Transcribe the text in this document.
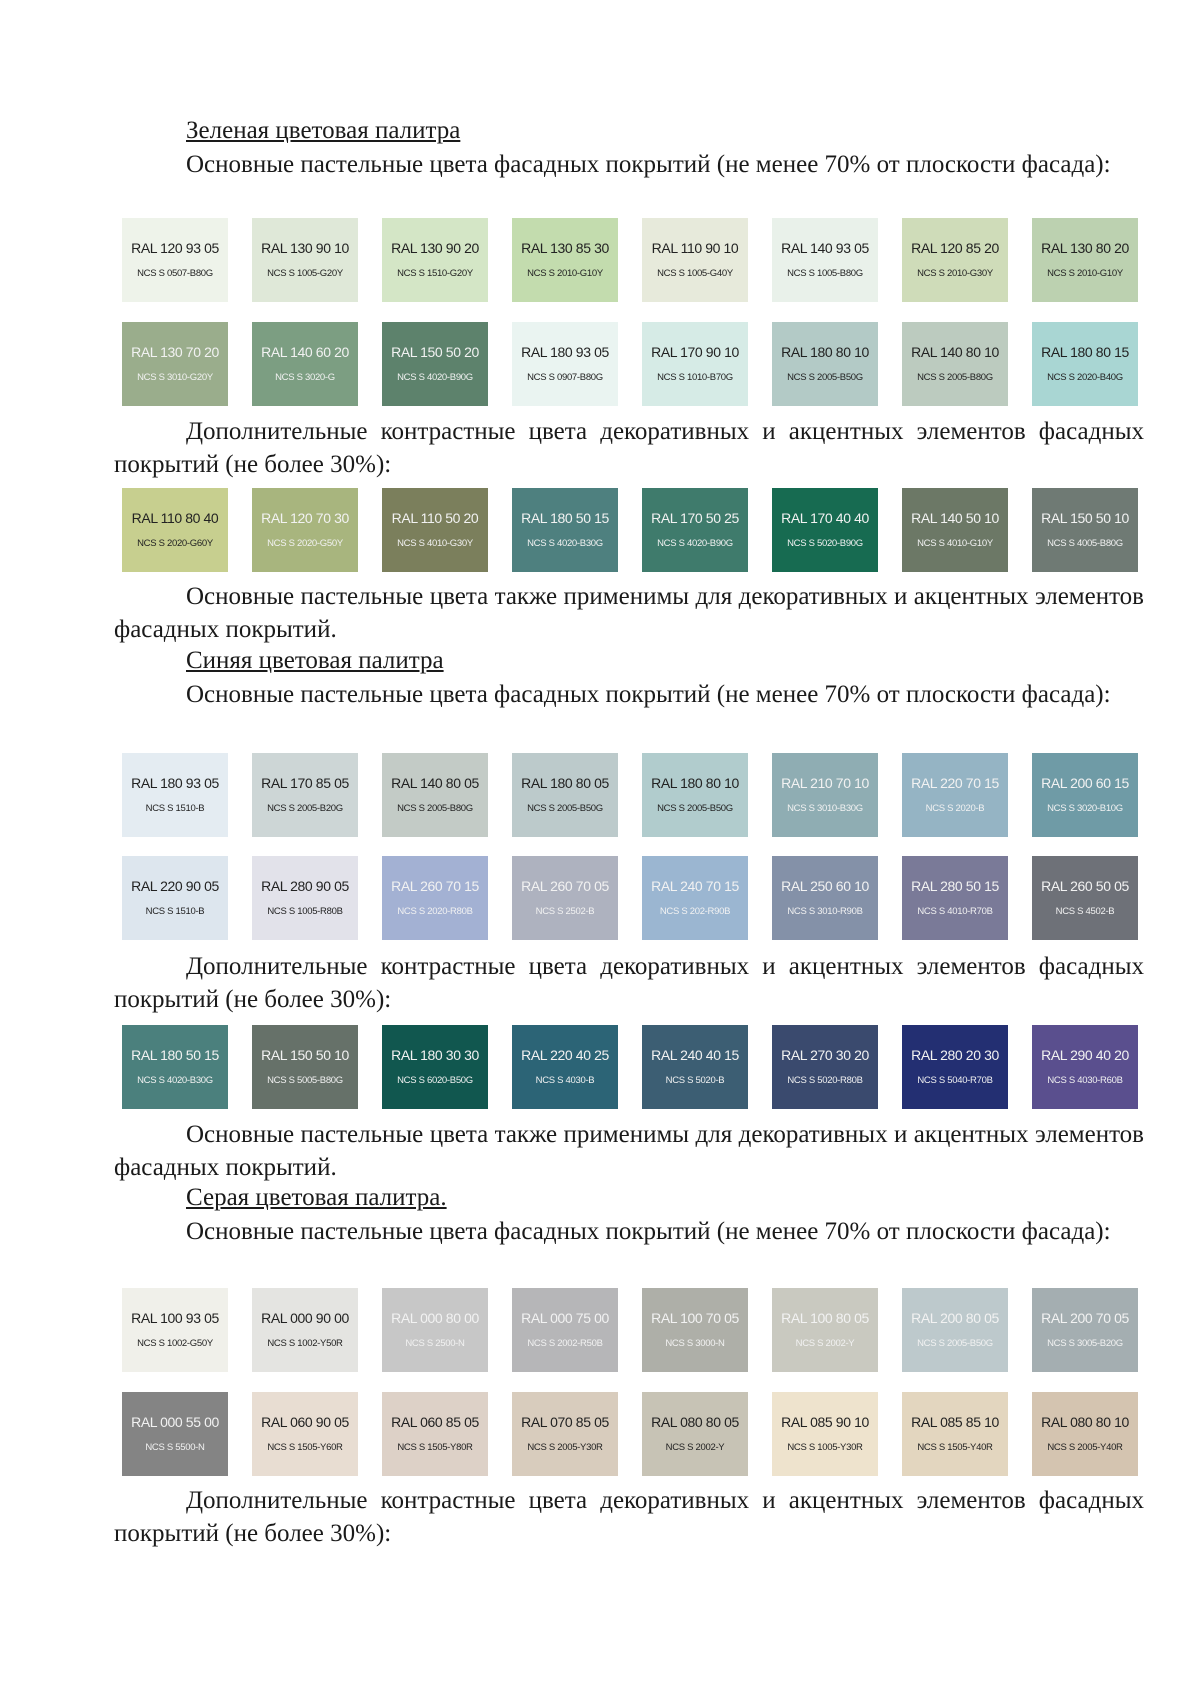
Зеленая цветовая палитра
Основные пастельные цвета фасадных покрытий (не менее 70% от плоскости фасада):
RAL 120 93 05
NCS S 0507-B80G
RAL 130 90 10
NCS S 1005-G20Y
RAL 130 90 20
NCS S 1510-G20Y
RAL 130 85 30
NCS S 2010-G10Y
RAL 110 90 10
NCS S 1005-G40Y
RAL 140 93 05
NCS S 1005-B80G
RAL 120 85 20
NCS S 2010-G30Y
RAL 130 80 20
NCS S 2010-G10Y
RAL 130 70 20
NCS S 3010-G20Y
RAL 140 60 20
NCS S 3020-G
RAL 150 50 20
NCS S 4020-B90G
RAL 180 93 05
NCS S 0907-B80G
RAL 170 90 10
NCS S 1010-B70G
RAL 180 80 10
NCS S 2005-B50G
RAL 140 80 10
NCS S 2005-B80G
RAL 180 80 15
NCS S 2020-B40G
Дополнительные контрастные цвета декоративных и акцентных элементов фасадных покрытий (не более 30%):
RAL 110 80 40
NCS S 2020-G60Y
RAL 120 70 30
NCS S 2020-G50Y
RAL 110 50 20
NCS S 4010-G30Y
RAL 180 50 15
NCS S 4020-B30G
RAL 170 50 25
NCS S 4020-B90G
RAL 170 40 40
NCS S 5020-B90G
RAL 140 50 10
NCS S 4010-G10Y
RAL 150 50 10
NCS S 4005-B80G
Основные пастельные цвета также применимы для декоративных и акцентных элементов фасадных покрытий.
Синяя цветовая палитра
Основные пастельные цвета фасадных покрытий (не менее 70% от плоскости фасада):
RAL 180 93 05
NCS S 1510-B
RAL 170 85 05
NCS S 2005-B20G
RAL 140 80 05
NCS S 2005-B80G
RAL 180 80 05
NCS S 2005-B50G
RAL 180 80 10
NCS S 2005-B50G
RAL 210 70 10
NCS S 3010-B30G
RAL 220 70 15
NCS S 2020-B
RAL 200 60 15
NCS S 3020-B10G
RAL 220 90 05
NCS S 1510-B
RAL 280 90 05
NCS S 1005-R80B
RAL 260 70 15
NCS S 2020-R80B
RAL 260 70 05
NCS S 2502-B
RAL 240 70 15
NCS S 202-R90B
RAL 250 60 10
NCS S 3010-R90B
RAL 280 50 15
NCS S 4010-R70B
RAL 260 50 05
NCS S 4502-B
Дополнительные контрастные цвета декоративных и акцентных элементов фасадных покрытий (не более 30%):
RAL 180 50 15
NCS S 4020-B30G
RAL 150 50 10
NCS S 5005-B80G
RAL 180 30 30
NCS S 6020-B50G
RAL 220 40 25
NCS S 4030-B
RAL 240 40 15
NCS S 5020-B
RAL 270 30 20
NCS S 5020-R80B
RAL 280 20 30
NCS S 5040-R70B
RAL 290 40 20
NCS S 4030-R60B
Основные пастельные цвета также применимы для декоративных и акцентных элементов фасадных покрытий.
Серая цветовая палитра.
Основные пастельные цвета фасадных покрытий (не менее 70% от плоскости фасада):
RAL 100 93 05
NCS S 1002-G50Y
RAL 000 90 00
NCS S 1002-Y50R
RAL 000 80 00
NCS S 2500-N
RAL 000 75 00
NCS S 2002-R50B
RAL 100 70 05
NCS S 3000-N
RAL 100 80 05
NCS S 2002-Y
RAL 200 80 05
NCS S 2005-B50G
RAL 200 70 05
NCS S 3005-B20G
RAL 000 55 00
NCS S 5500-N
RAL 060 90 05
NCS S 1505-Y60R
RAL 060 85 05
NCS S 1505-Y80R
RAL 070 85 05
NCS S 2005-Y30R
RAL 080 80 05
NCS S 2002-Y
RAL 085 90 10
NCS S 1005-Y30R
RAL 085 85 10
NCS S 1505-Y40R
RAL 080 80 10
NCS S 2005-Y40R
Дополнительные контрастные цвета декоративных и акцентных элементов фасадных покрытий (не более 30%):
